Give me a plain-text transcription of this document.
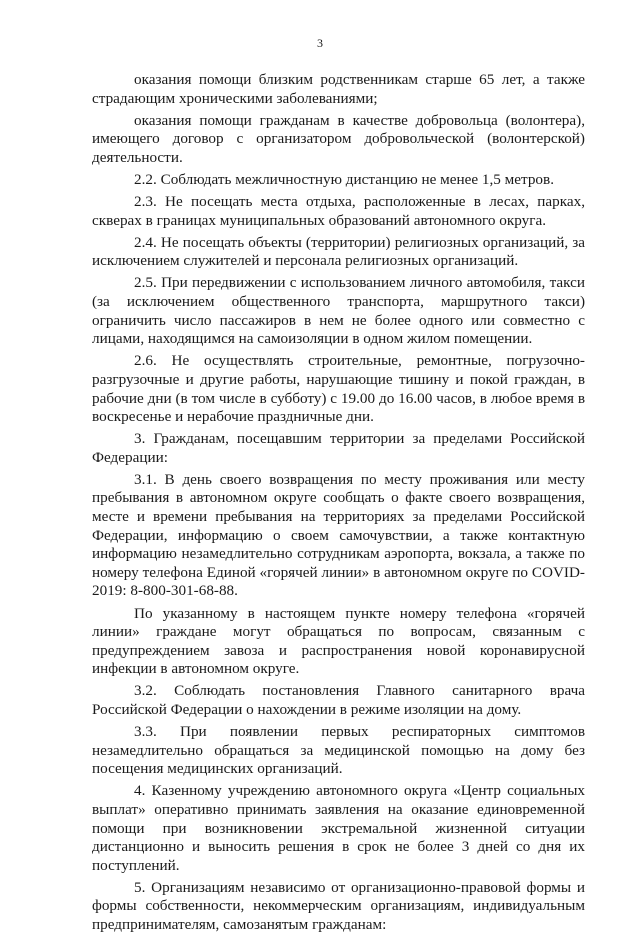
3

оказания помощи близким родственникам старше 65 лет, а также страдающим хроническими заболеваниями;

оказания помощи гражданам в качестве добровольца (волонтера), имеющего договор с организатором добровольческой (волонтерской) деятельности.

2.2. Соблюдать межличностную дистанцию не менее 1,5 метров.

2.3. Не посещать места отдыха, расположенные в лесах, парках, скверах в границах муниципальных образований автономного округа.

2.4. Не посещать объекты (территории) религиозных организаций, за исключением служителей и персонала религиозных организаций.

2.5. При передвижении с использованием личного автомобиля, такси (за исключением общественного транспорта, маршрутного такси) ограничить число пассажиров в нем не более одного или совместно с лицами, находящимся на самоизоляции в одном жилом помещении.

2.6. Не осуществлять строительные, ремонтные, погрузочно-разгрузочные и другие работы, нарушающие тишину и покой граждан, в рабочие дни (в том числе в субботу) с 19.00 до 16.00 часов, в любое время в воскресенье и нерабочие праздничные дни.

3. Гражданам, посещавшим территории за пределами Российской Федерации:

3.1. В день своего возвращения по месту проживания или месту пребывания в автономном округе сообщать о факте своего возвращения, месте и времени пребывания на территориях за пределами Российской Федерации, информацию о своем самочувствии, а также контактную информацию незамедлительно сотрудникам аэропорта, вокзала, а также по номеру телефона Единой «горячей линии» в автономном округе по COVID-2019: 8-800-301-68-88.

По указанному в настоящем пункте номеру телефона «горячей линии» граждане могут обращаться по вопросам, связанным с предупреждением завоза и распространения новой коронавирусной инфекции в автономном округе.

3.2. Соблюдать постановления Главного санитарного врача Российской Федерации о нахождении в режиме изоляции на дому.

3.3. При появлении первых респираторных симптомов незамедлительно обращаться за медицинской помощью на дому без посещения медицинских организаций.

4. Казенному учреждению автономного округа «Центр социальных выплат» оперативно принимать заявления на оказание единовременной помощи при возникновении экстремальной жизненной ситуации дистанционно и выносить решения в срок не более 3 дней со дня их поступлений.

5. Организациям независимо от организационно-правовой формы и формы собственности, некоммерческим организациям, индивидуальным предпринимателям, самозанятым гражданам:
